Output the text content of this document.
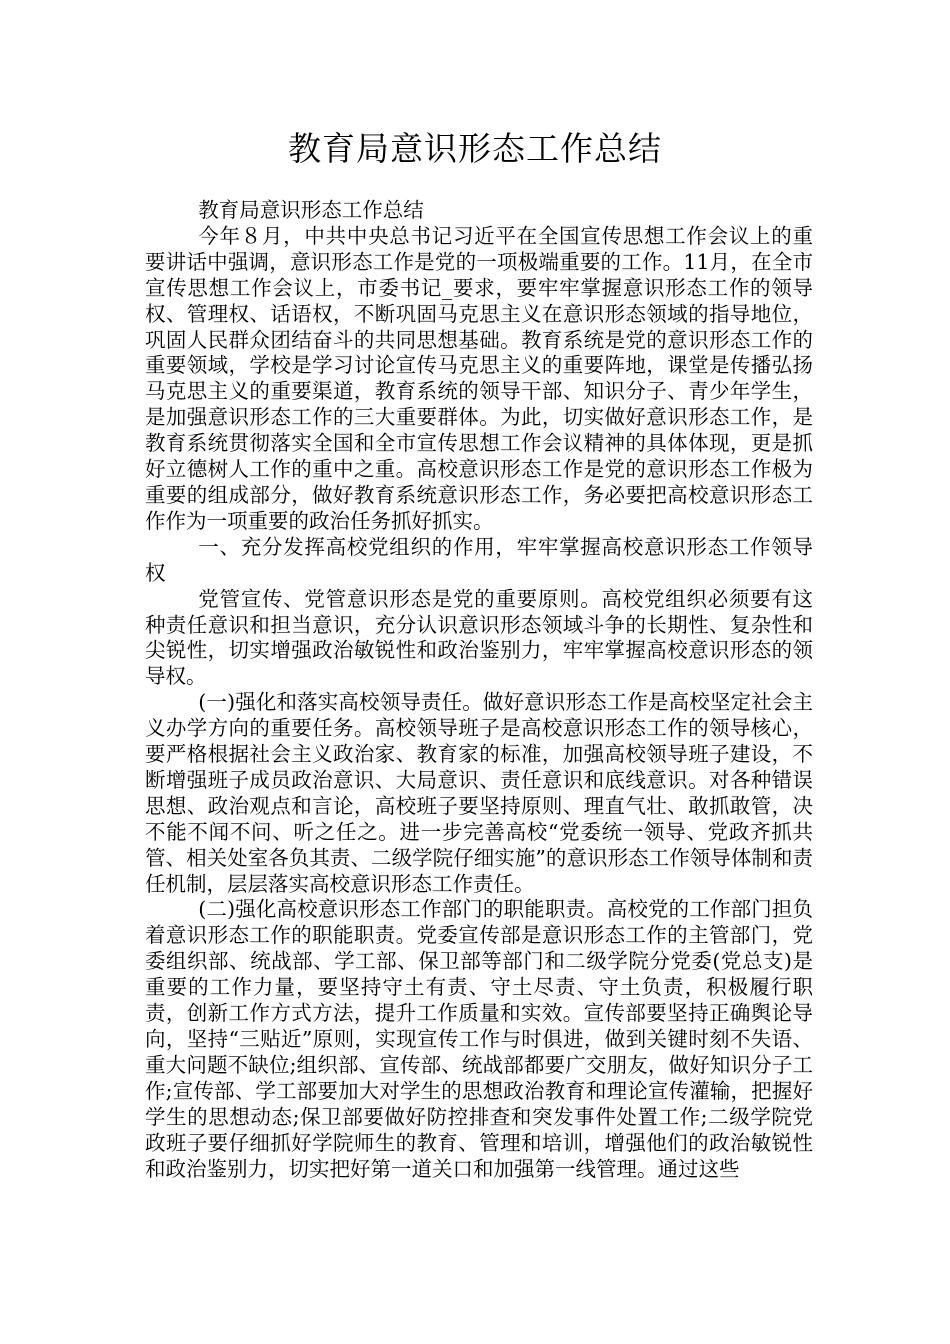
教育局意识形态工作总结

教育局意识形态工作总结

今年８月，中共中央总书记习近平在全国宣传思想工作会议上的重要讲话中强调，意识形态工作是党的一项极端重要的工作。11月，在全市宣传思想工作会议上，市委书记_要求，要牢牢掌握意识形态工作的领导权、管理权、话语权，不断巩固马克思主义在意识形态领域的指导地位，巩固人民群众团结奋斗的共同思想基础。教育系统是党的意识形态工作的重要领域，学校是学习讨论宣传马克思主义的重要阵地，课堂是传播弘扬马克思主义的重要渠道，教育系统的领导干部、知识分子、青少年学生，是加强意识形态工作的三大重要群体。为此，切实做好意识形态工作，是教育系统贯彻落实全国和全市宣传思想工作会议精神的具体体现，更是抓好立德树人工作的重中之重。高校意识形态工作是党的意识形态工作极为重要的组成部分，做好教育系统意识形态工作，务必要把高校意识形态工作作为一项重要的政治任务抓好抓实。

一、充分发挥高校党组织的作用，牢牢掌握高校意识形态工作领导权

党管宣传、党管意识形态是党的重要原则。高校党组织必须要有这种责任意识和担当意识，充分认识意识形态领域斗争的长期性、复杂性和尖锐性，切实增强政治敏锐性和政治鉴别力，牢牢掌握高校意识形态的领导权。

(一)强化和落实高校领导责任。做好意识形态工作是高校坚定社会主义办学方向的重要任务。高校领导班子是高校意识形态工作的领导核心，要严格根据社会主义政治家、教育家的标准，加强高校领导班子建设，不断增强班子成员政治意识、大局意识、责任意识和底线意识。对各种错误思想、政治观点和言论，高校班子要坚持原则、理直气壮、敢抓敢管，决不能不闻不问、听之任之。进一步完善高校“党委统一领导、党政齐抓共管、相关处室各负其责、二级学院仔细实施”的意识形态工作领导体制和责任机制，层层落实高校意识形态工作责任。

(二)强化高校意识形态工作部门的职能职责。高校党的工作部门担负着意识形态工作的职能职责。党委宣传部是意识形态工作的主管部门，党委组织部、统战部、学工部、保卫部等部门和二级学院分党委(党总支)是重要的工作力量，要坚持守土有责、守土尽责、守土负责，积极履行职责，创新工作方式方法，提升工作质量和实效。宣传部要坚持正确舆论导向，坚持“三贴近”原则，实现宣传工作与时俱进，做到关键时刻不失语、重大问题不缺位;组织部、宣传部、统战部都要广交朋友，做好知识分子工作;宣传部、学工部要加大对学生的思想政治教育和理论宣传灌输，把握好学生的思想动态;保卫部要做好防控排查和突发事件处置工作;二级学院党政班子要仔细抓好学院师生的教育、管理和培训，增强他们的政治敏锐性和政治鉴别力，切实把好第一道关口和加强第一线管理。通过这些
